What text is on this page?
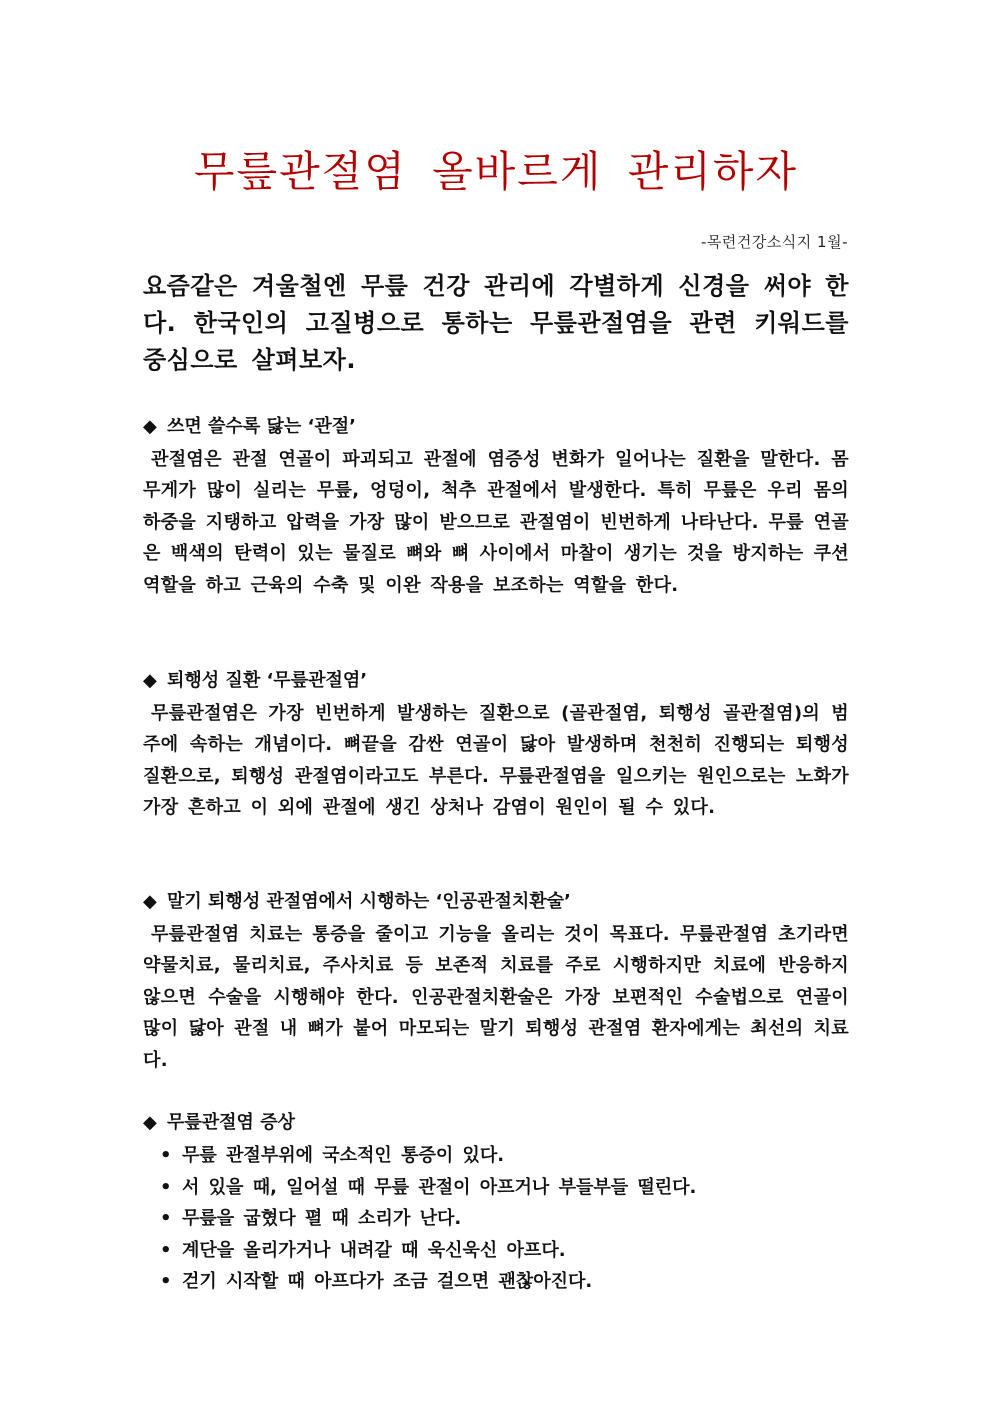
무릎관절염 올바르게 관리하자
-목련건강소식지 1월-
요즘같은 겨울철엔 무릎 건강 관리에 각별하게 신경을 써야 한다. 한국인의 고질병으로 통하는 무릎관절염을 관련 키워드를 중심으로 살펴보자.
◆ 쓰면 쓸수록 닳는 ‘관절’

관절염은 관절 연골이 파괴되고 관절에 염증성 변화가 일어나는 질환을 말한다. 몸무게가 많이 실리는 무릎, 엉덩이, 척추 관절에서 발생한다. 특히 무릎은 우리 몸의 하중을 지탱하고 압력을 가장 많이 받으므로 관절염이 빈번하게 나타난다. 무릎 연골은 백색의 탄력이 있는 물질로 뼈와 뼈 사이에서 마찰이 생기는 것을 방지하는 쿠션 역할을 하고 근육의 수축 및 이완 작용을 보조하는 역할을 한다.

◆ 퇴행성 질환 ‘무릎관절염’

무릎관절염은 가장 빈번하게 발생하는 질환으로 (골관절염, 퇴행성 골관절염)의 범주에 속하는 개념이다. 뼈끝을 감싼 연골이 닳아 발생하며 천천히 진행되는 퇴행성 질환으로, 퇴행성 관절염이라고도 부른다. 무릎관절염을 일으키는 원인으로는 노화가 가장 흔하고 이 외에 관절에 생긴 상처나 감염이 원인이 될 수 있다.

◆ 말기 퇴행성 관절염에서 시행하는 ‘인공관절치환술’

무릎관절염 치료는 통증을 줄이고 기능을 올리는 것이 목표다. 무릎관절염 초기라면 약물치료, 물리치료, 주사치료 등 보존적 치료를 주로 시행하지만 치료에 반응하지 않으면 수술을 시행해야 한다. 인공관절치환술은 가장 보편적인 수술법으로 연골이 많이 닳아 관절 내 뼈가 붙어 마모되는 말기 퇴행성 관절염 환자에게는 최선의 치료다.

◆ 무릎관절염 증상
• 무릎 관절부위에 국소적인 통증이 있다.
• 서 있을 때, 일어설 때 무릎 관절이 아프거나 부들부들 떨린다.
• 무릎을 굽혔다 펼 때 소리가 난다.
• 계단을 올리가거나 내려갈 때 욱신욱신 아프다.
• 걷기 시작할 때 아프다가 조금 걸으면 괜찮아진다.
